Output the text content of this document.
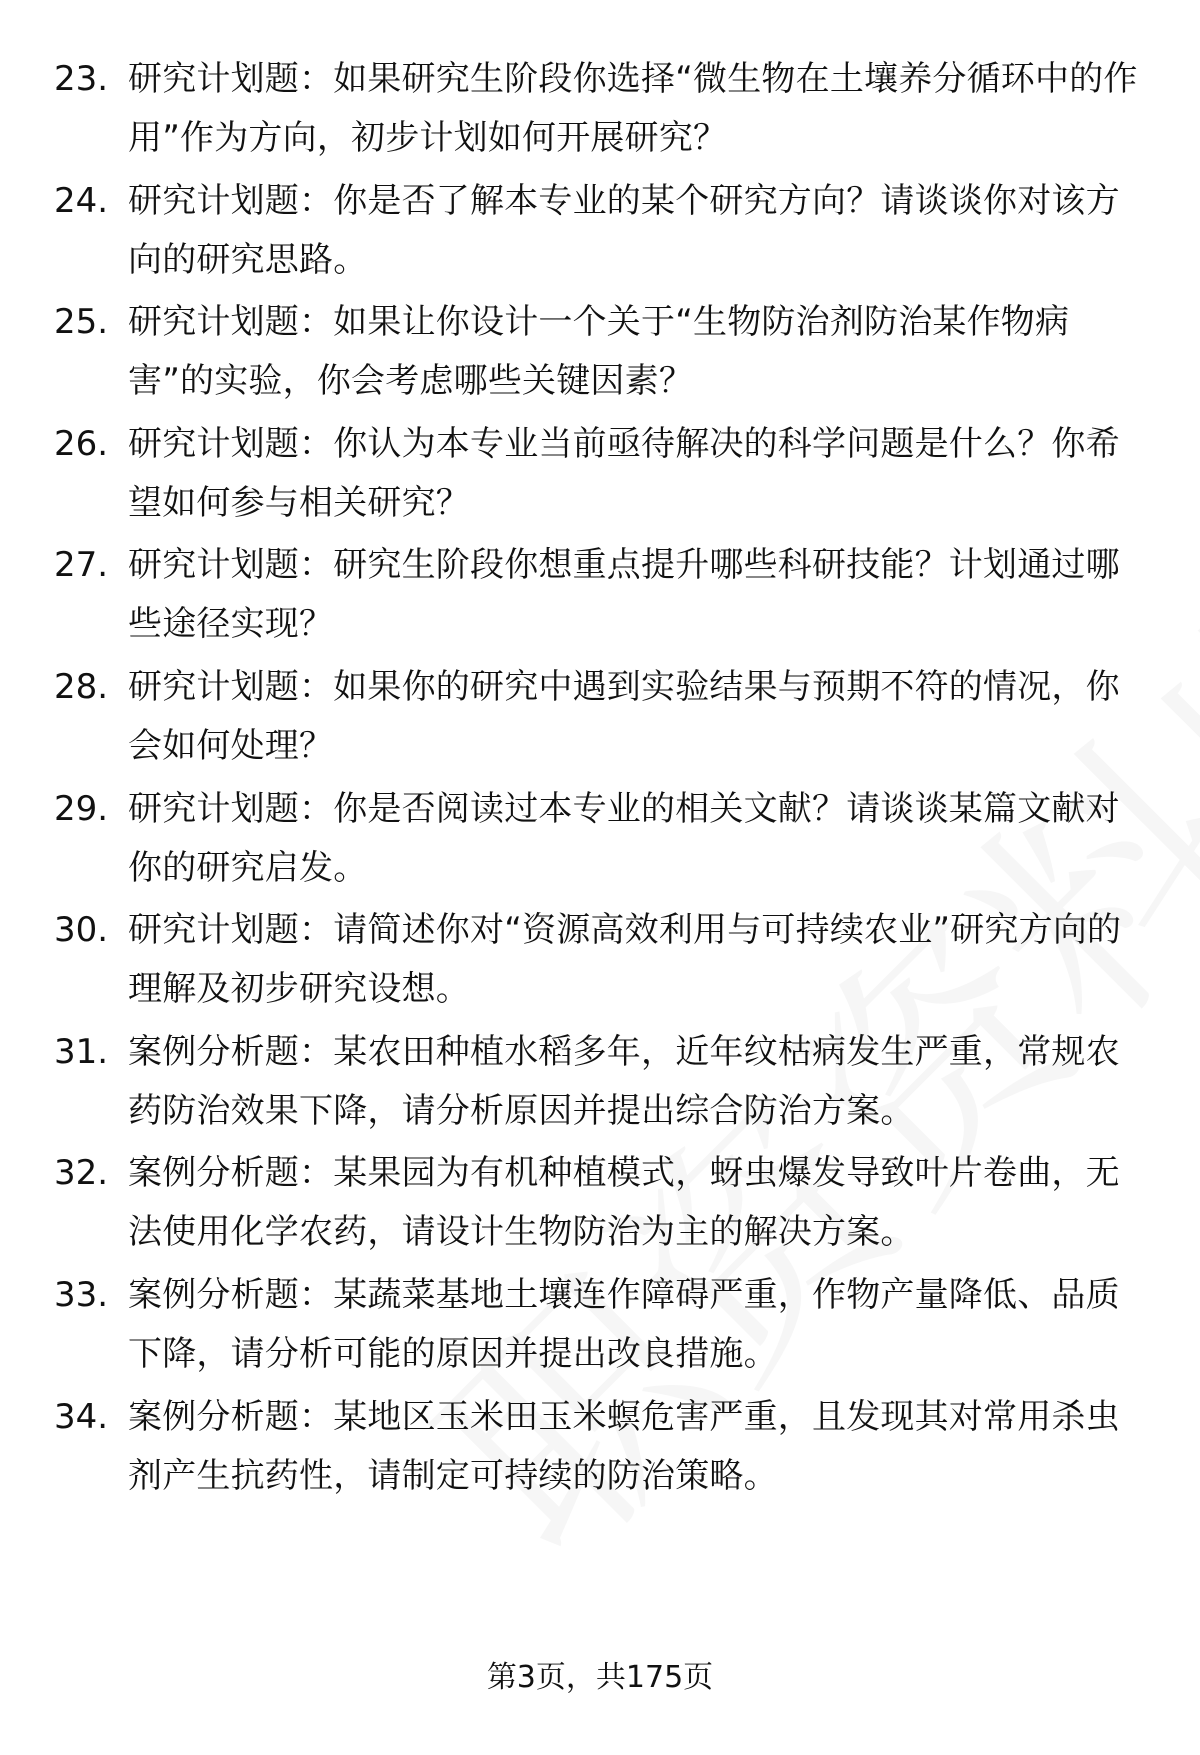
23. 研究计划题：如果研究生阶段你选择“微生物在土壤养分循环中的作用”作为方向，初步计划如何开展研究？
24. 研究计划题：你是否了解本专业的某个研究方向？请谈谈你对该方向的研究思路。
25. 研究计划题：如果让你设计一个关于“生物防治剂防治某作物病害”的实验，你会考虑哪些关键因素？
26. 研究计划题：你认为本专业当前亟待解决的科学问题是什么？你希望如何参与相关研究？
27. 研究计划题：研究生阶段你想重点提升哪些科研技能？计划通过哪些途径实现？
28. 研究计划题：如果你的研究中遇到实验结果与预期不符的情况，你会如何处理？
29. 研究计划题：你是否阅读过本专业的相关文献？请谈谈某篇文献对你的研究启发。
30. 研究计划题：请简述你对“资源高效利用与可持续农业”研究方向的理解及初步研究设想。
31. 案例分析题：某农田种植水稻多年，近年纹枯病发生严重，常规农药防治效果下降，请分析原因并提出综合防治方案。
32. 案例分析题：某果园为有机种植模式，蚜虫爆发导致叶片卷曲，无法使用化学农药，请设计生物防治为主的解决方案。
33. 案例分析题：某蔬菜基地土壤连作障碍严重，作物产量降低、品质下降，请分析可能的原因并提出改良措施。
34. 案例分析题：某地区玉米田玉米螟危害严重，且发现其对常用杀虫剂产生抗药性，请制定可持续的防治策略。
第3页，共175页
